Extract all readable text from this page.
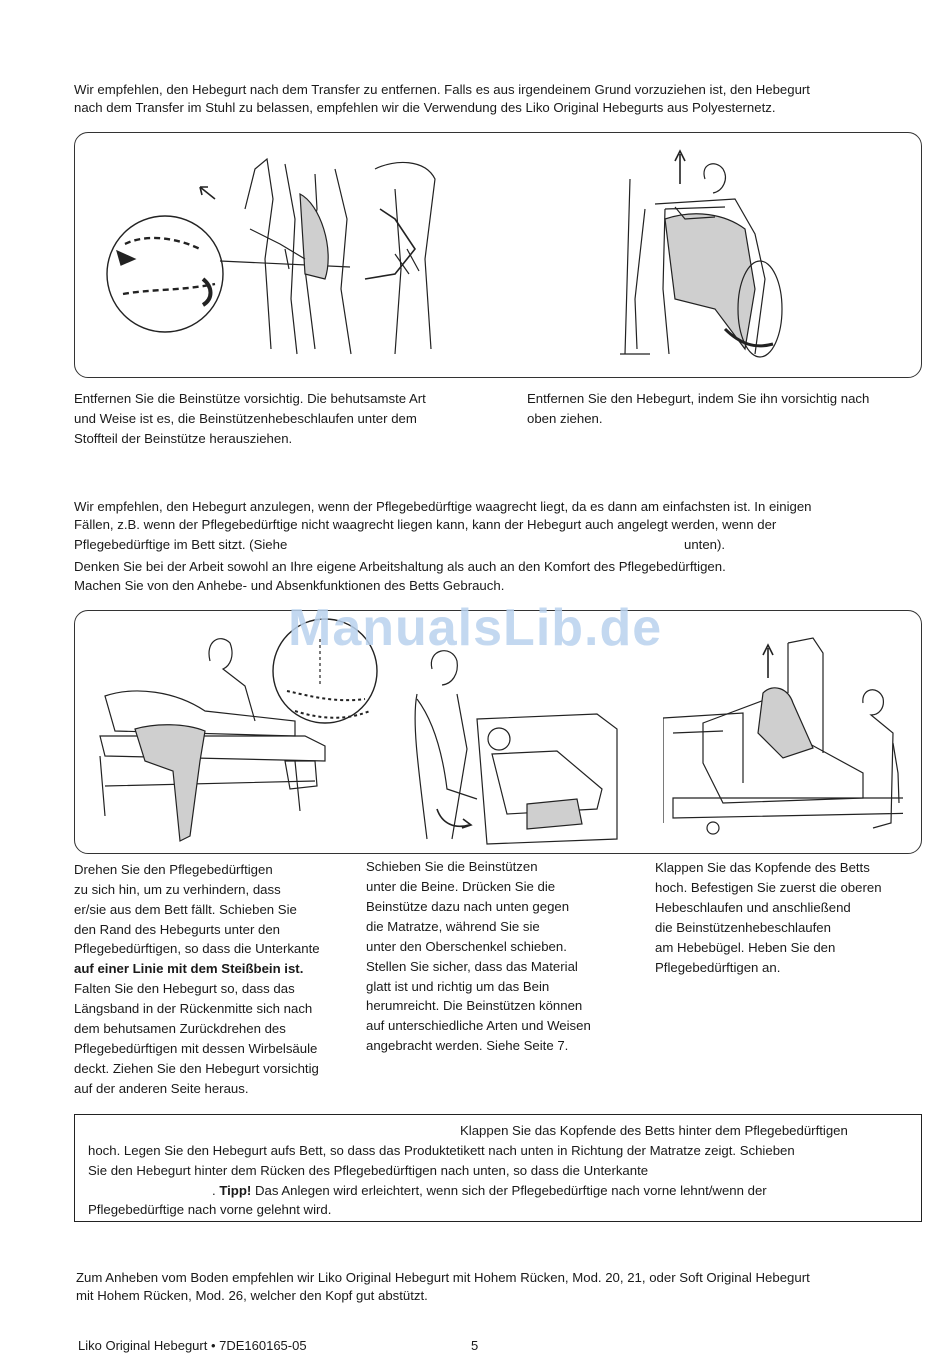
Wir empfehlen, den Hebegurt nach dem Transfer zu entfernen. Falls es aus irgendeinem Grund vorzuziehen ist, den Hebegurt

nach dem Transfer im Stuhl zu belassen, empfehlen wir die Verwendung des Liko Original Hebegurts aus Polyesternetz.

Entfernen Sie die Beinstütze vorsichtig. Die behutsamste Art

und Weise ist es, die Beinstützenhebeschlaufen unter dem

Stoffteil der Beinstütze herausziehen.

Entfernen Sie den Hebegurt, indem Sie ihn vorsichtig nach

oben ziehen.

Wir empfehlen, den Hebegurt anzulegen, wenn der Pflegebedürftige waagrecht liegt, da es dann am einfachsten ist. In einigen

Fällen, z.B. wenn der Pflegebedürftige nicht waagrecht liegen kann, kann der Hebegurt auch angelegt werden, wenn der

Pflegebedürftige im Bett sitzt. (Siehe	unten).

Denken Sie bei der Arbeit sowohl an Ihre eigene Arbeitshaltung als auch an den Komfort des Pflegebedürftigen.

Machen Sie von den Anhebe- und Absenkfunktionen des Betts Gebrauch.

ManualsLib.de

Drehen Sie den Pflegebedürftigen

zu sich hin, um zu verhindern, dass

er/sie aus dem Bett fällt. Schieben Sie

den Rand des Hebegurts unter den

Pflegebedürftigen, so dass die Unterkante

auf einer Linie mit dem Steißbein ist.

Falten Sie den Hebegurt so, dass das

Längsband in der Rückenmitte sich nach

dem behutsamen Zurückdrehen des

Pflegebedürftigen mit dessen Wirbelsäule

deckt. Ziehen Sie den Hebegurt vorsichtig

auf der anderen Seite heraus.

Schieben Sie die Beinstützen

unter die Beine. Drücken Sie die

Beinstütze dazu nach unten gegen

die Matratze, während Sie sie

unter den Oberschenkel schieben.

Stellen Sie sicher, dass das Material

glatt ist und richtig um das Bein

herumreicht. Die Beinstützen können

auf unterschiedliche Arten und Weisen

angebracht werden. Siehe Seite 7.

Klappen Sie das Kopfende des Betts

hoch. Befestigen Sie zuerst die oberen

Hebeschlaufen und anschließend

die Beinstützenhebeschlaufen

am Hebebügel. Heben Sie den

Pflegebedürftigen an.

Klappen Sie das Kopfende des Betts hinter dem Pflegebedürftigen

hoch. Legen Sie den Hebegurt aufs Bett, so dass das Produktetikett nach unten in Richtung der Matratze zeigt. Schieben

Sie den Hebegurt hinter dem Rücken des Pflegebedürftigen nach unten, so dass die Unterkante

. Tipp! Das Anlegen wird erleichtert, wenn sich der Pflegebedürftige nach vorne lehnt/wenn der

Pflegebedürftige nach vorne gelehnt wird.

Zum Anheben vom Boden empfehlen wir Liko Original Hebegurt mit Hohem Rücken, Mod. 20, 21, oder Soft Original Hebegurt

mit Hohem Rücken, Mod. 26, welcher den Kopf gut abstützt.

Liko Original Hebegurt • 7DE160165-05	5
